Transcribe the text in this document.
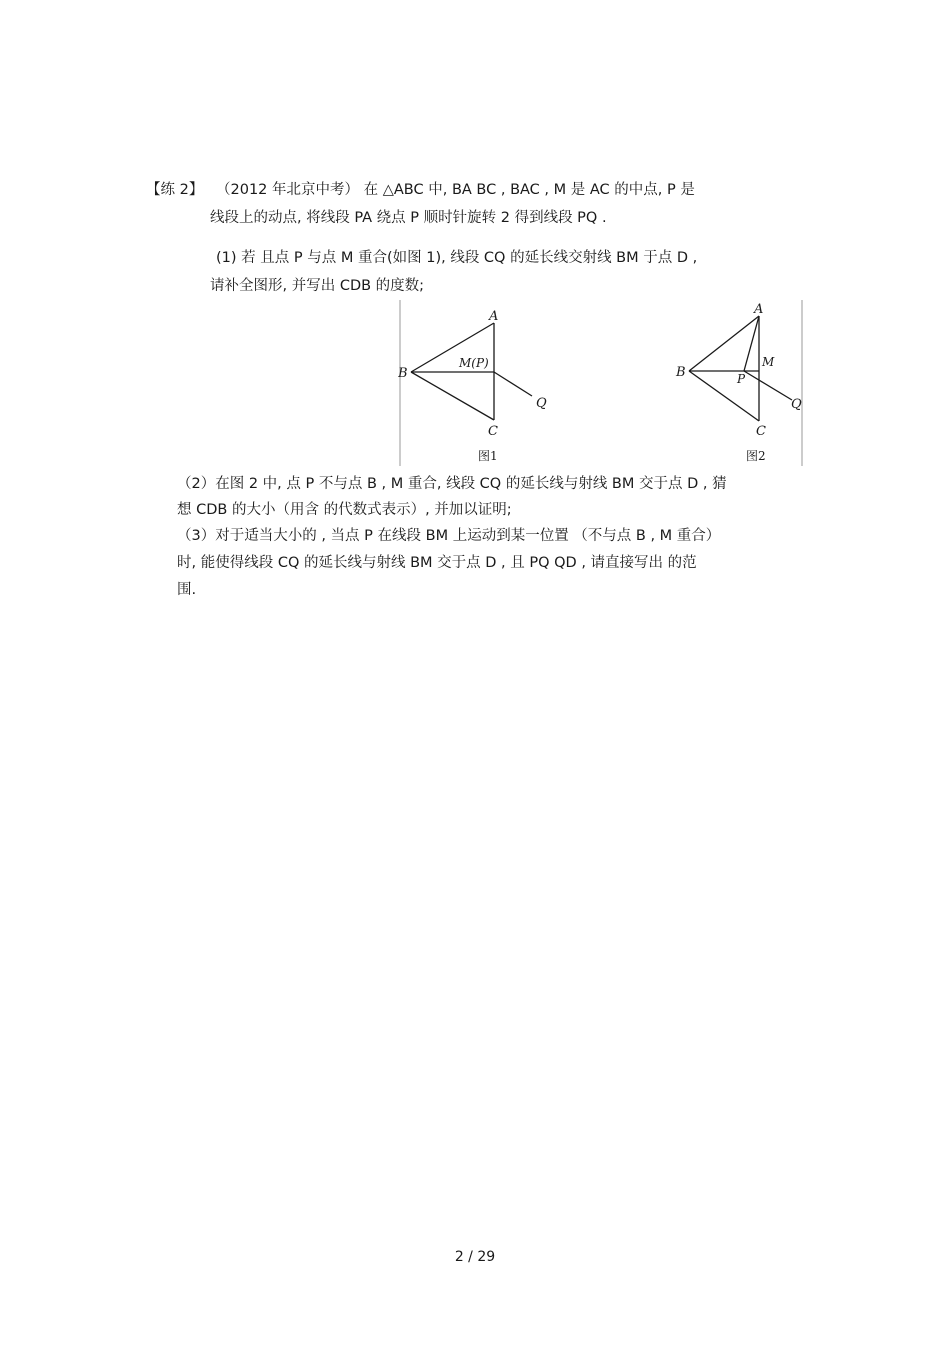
【练 2】 （2012 年北京中考） 在 △ABC 中, BA BC , BAC , M 是 AC 的中点, P 是
线段上的动点, 将线段 PA 绕点 P 顺时针旋转 2 得到线段 PQ .
(1) 若 且点 P 与点 M 重合(如图 1), 线段 CQ 的延长线交射线 BM 于点 D ,
请补全图形, 并写出 CDB 的度数;
A
B
C
M(P)
Q
图1
A
B
C
M
P
Q
图2
（2）在图 2 中, 点 P 不与点 B , M 重合, 线段 CQ 的延长线与射线 BM 交于点 D , 猜
想 CDB 的大小（用含 的代数式表示）, 并加以证明;
（3）对于适当大小的 , 当点 P 在线段 BM 上运动到某一位置 （不与点 B , M 重合）
时, 能使得线段 CQ 的延长线与射线 BM 交于点 D , 且 PQ QD , 请直接写出 的范
围.
2 / 29
